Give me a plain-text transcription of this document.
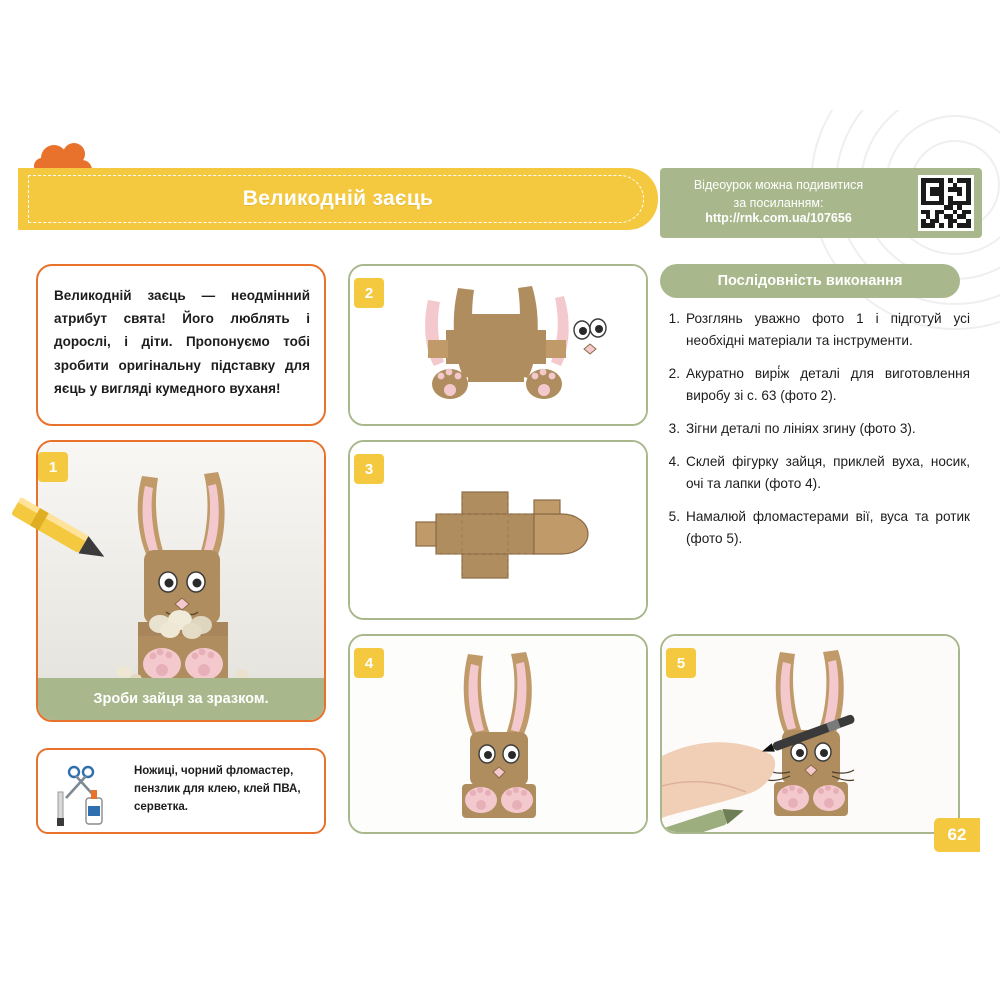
Великодній заєць
Відеоурок можна подивитися
за посиланням:
http://rnk.com.ua/107656
Великодній заєць — неодмінний атрибут свята! Його люблять і дорослі, і діти. Пропонуємо тобі зробити оригінальну підставку для яєць у вигляді кумедного вуханя!
Зроби зайця за зразком.
1
Ножиці, чорний фломастер, пензлик для клею, клей ПВА, серветка.
2
3
4	5
Послідовність виконання
1. Розглянь уважно фото 1 і підготуй усі необхідні матеріали та інструменти.
2. Акуратно вирі́ж деталі для виготовлення виробу зі с. 63 (фото 2).
3. Зігни деталі по лініях згину (фото 3).
4. Склей фігурку зайця, приклей вуха, носик, очі та лапки (фото 4).
5. Намалюй фломастерами вії, вуса та ротик (фото 5).
62
